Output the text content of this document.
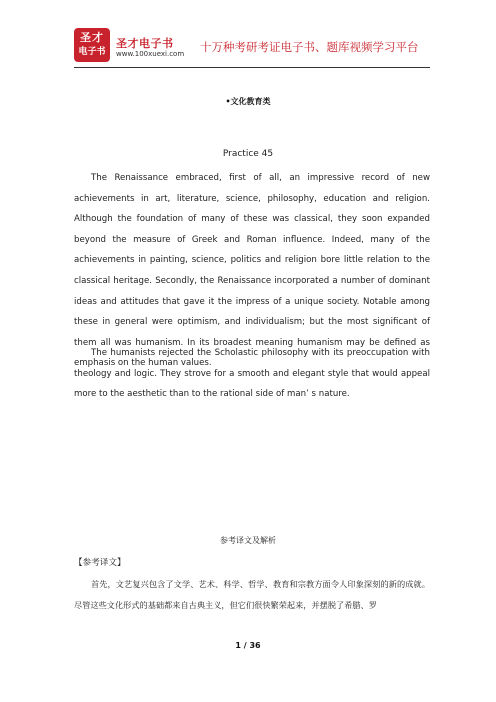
圣才
电子书
圣才电子书
www.100xuexi.com 十万种考研考证电子书、题库视频学习平台
•文化教育类
Practice 45

The Renaissance embraced, first of all, an impressive record of new achievements in art, literature, science, philosophy, education and religion. Although the foundation of many of these was classical, they soon expanded beyond the measure of Greek and Roman influence. Indeed, many of the achievements in painting, science, politics and religion bore little relation to the classical heritage. Secondly, the Renaissance incorporated a number of dominant ideas and attitudes that gave it the impress of a unique society. Notable among these in general were optimism, and individualism; but the most significant of them all was humanism. In its broadest meaning humanism may be defined as emphasis on the human values.

The humanists rejected the Scholastic philosophy with its preoccupation with theology and logic. They strove for a smooth and elegant style that would appeal more to the aesthetic than to the rational side of man’ s nature.

参考译文及解析
【参考译文】

首先，文艺复兴包含了文学、艺术、科学、哲学、教育和宗教方面令人印象深刻的新的成就。尽管这些文化形式的基础都来自古典主义，但它们很快繁荣起来，并摆脱了希腊、罗

1 / 36
